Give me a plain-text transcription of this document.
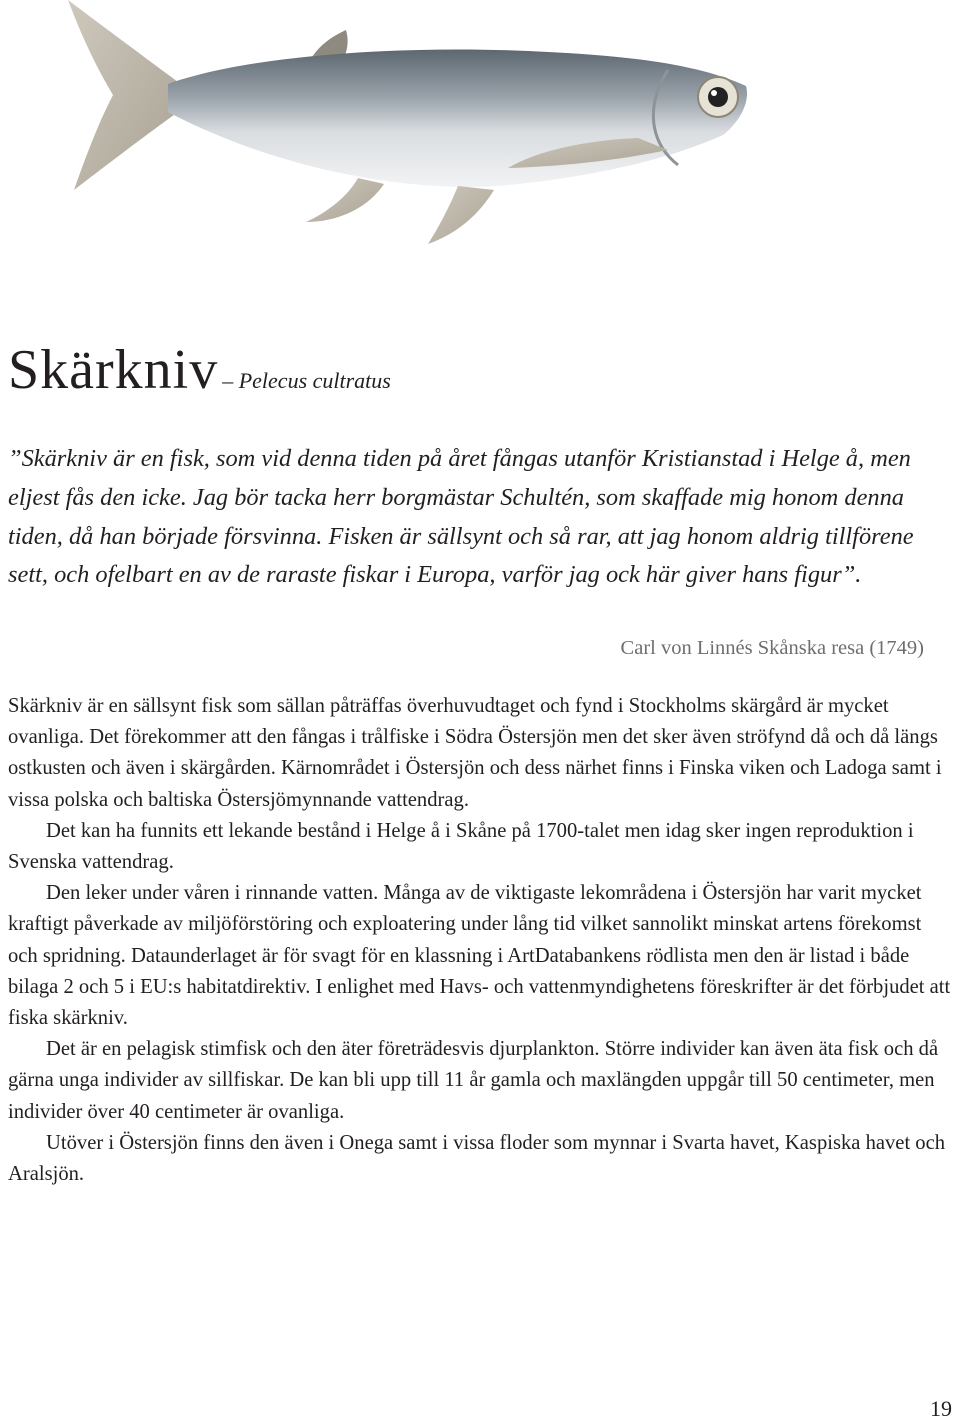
Skärkniv – Pelecus cultratus

”Skärkniv är en fisk, som vid denna tiden på året fångas utanför Kristianstad i Helge å, men eljest fås den icke. Jag bör tacka herr borgmästar Schultén, som skaffade mig honom denna tiden, då han började försvinna. Fisken är sällsynt och så rar, att jag honom aldrig tillförene sett, och ofelbart en av de raraste fiskar i Europa, varför jag ock här giver hans figur”.

Carl von Linnés Skånska resa (1749)

Skärkniv är en sällsynt fisk som sällan påträffas överhuvudtaget och fynd i Stockholms skärgård är mycket ovanliga. Det förekommer att den fångas i trålfiske i Södra Östersjön men det sker även ströfynd då och då längs ostkusten och även i skärgården. Kärnområdet i Östersjön och dess närhet finns i Finska viken och Ladoga samt i vissa polska och baltiska Östersjömynnande vattendrag.

Det kan ha funnits ett lekande bestånd i Helge å i Skåne på 1700-talet men idag sker ingen reproduktion i Svenska vattendrag.

Den leker under våren i rinnande vatten. Många av de viktigaste lekområdena i Östersjön har varit mycket kraftigt påverkade av miljöförstöring och exploatering under lång tid vilket sannolikt minskat artens förekomst och spridning. Dataunderlaget är för svagt för en klassning i ArtDatabankens rödlista men den är listad i både bilaga 2 och 5 i EU:s habitatdirektiv. I enlighet med Havs- och vattenmyndighetens föreskrifter är det förbjudet att fiska skärkniv.

Det är en pelagisk stimfisk och den äter företrädesvis djurplankton. Större individer kan även äta fisk och då gärna unga individer av sillfiskar. De kan bli upp till 11 år gamla och maxlängden uppgår till 50 centimeter, men individer över 40 centimeter är ovanliga.

Utöver i Östersjön finns den även i Onega samt i vissa floder som mynnar i Svarta havet, Kaspiska havet och Aralsjön.

19
